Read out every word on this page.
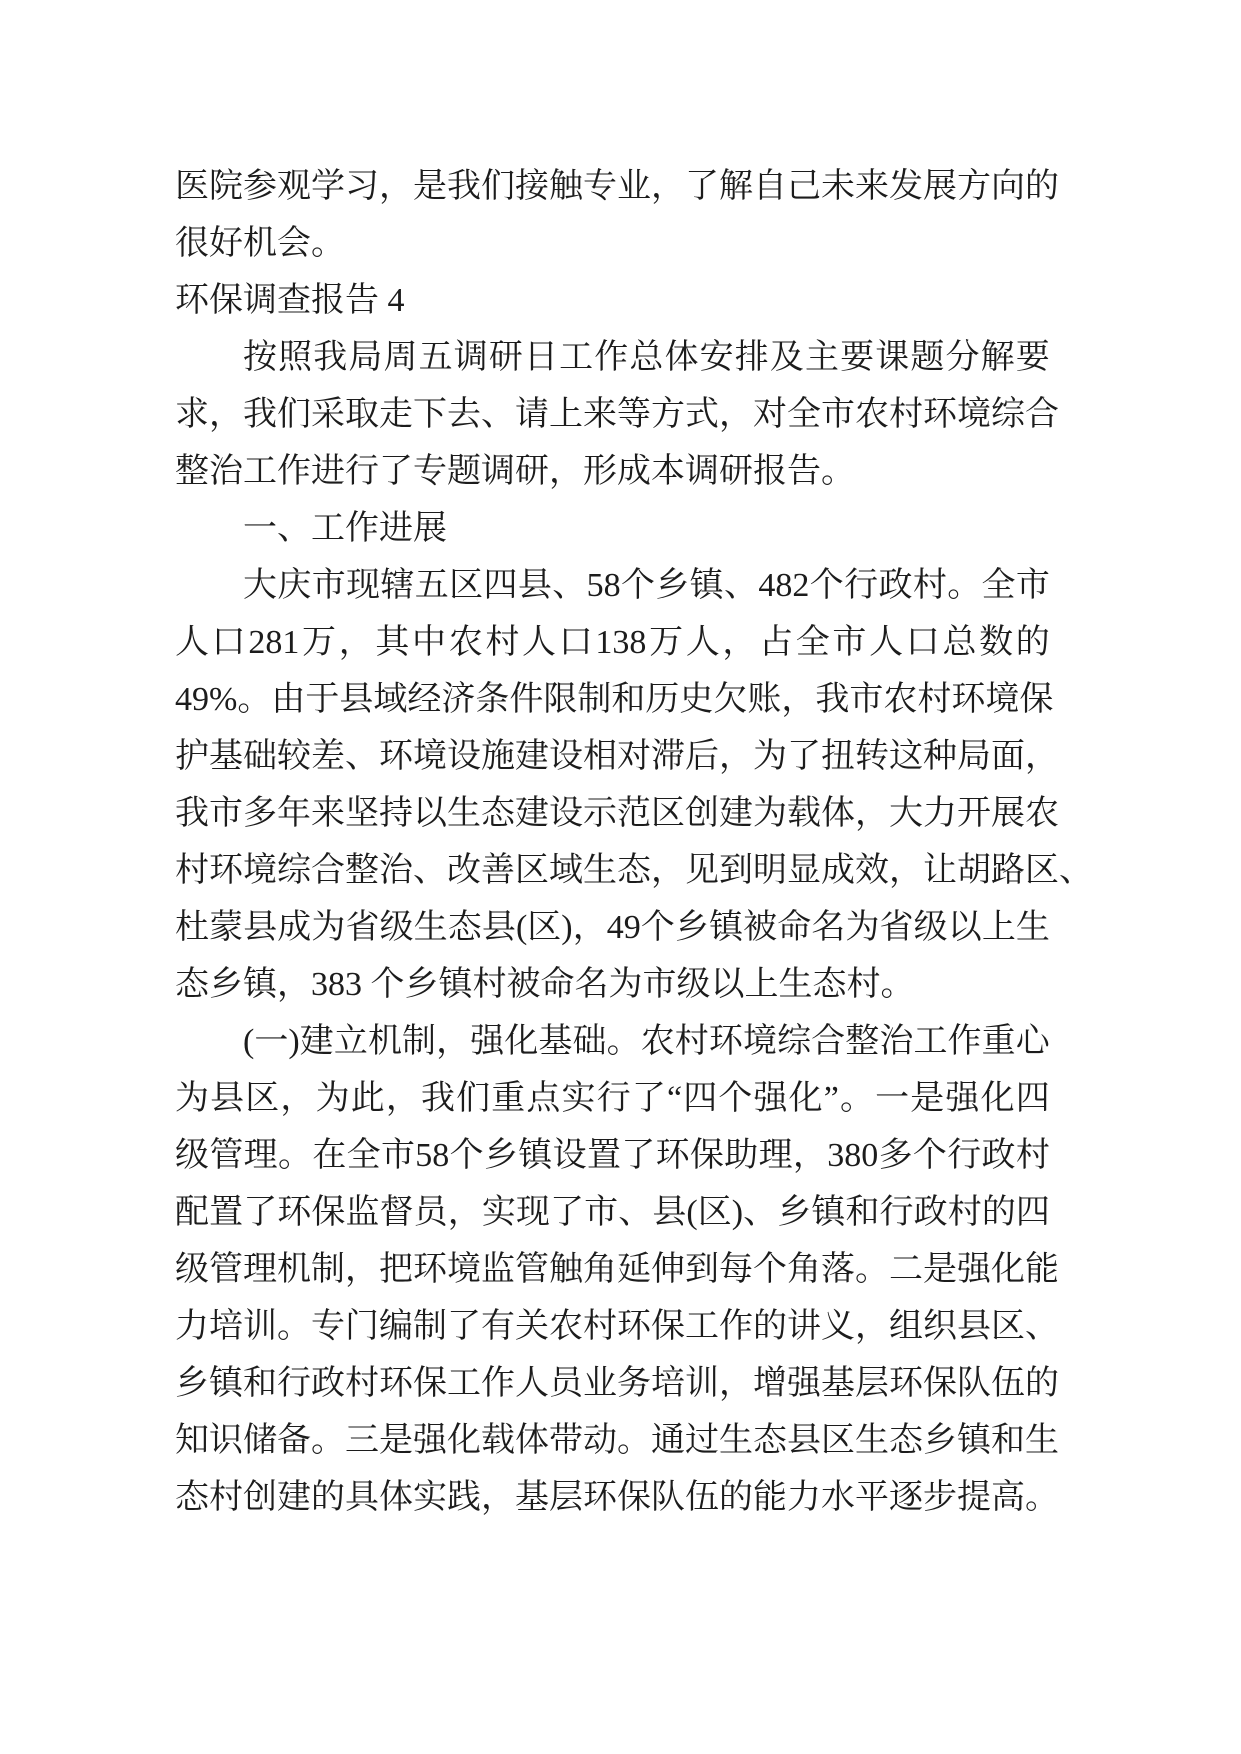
医 院 参 观 学 习 ， 是 我 们 接 触 专 业 ， 了 解 自 己 未 来 发 展 方 向 的
很好机会。
环保调查报告 4
按 照 我 局 周 五 调 研 日 工 作 总 体 安 排 及 主 要 课 题 分 解 要
求 ， 我 们 采 取 走 下 去 、 请 上 来 等 方 式 ， 对 全 市 农 村 环 境 综 合
整治工作进行了专题调研，形成本调研报告。
一、工作进展
大 庆 市 现 辖 五 区 四 县 、 58 个 乡 镇 、 482 个 行 政 村 。 全 市
人 口 281 万 ， 其 中 农 村 人 口 138 万 人 ， 占 全 市 人 口 总 数 的
49% 。 由 于 县 域 经 济 条 件 限 制 和 历 史 欠 账 ， 我 市 农 村 环 境 保
护 基 础 较 差 、 环 境 设 施 建 设 相 对 滞 后 ， 为 了 扭 转 这 种 局 面 ，
我 市 多 年 来 坚 持 以 生 态 建 设 示 范 区 创 建 为 载 体 ， 大 力 开 展 农
村 环 境 综 合 整 治 、 改 善 区 域 生 态 ， 见 到 明 显 成 效 ， 让 胡 路 区 、
杜 蒙 县 成 为 省 级 生 态 县 (区) ， 49 个 乡 镇 被 命 名 为 省 级 以 上 生
态乡镇，383 个乡镇村被命名为市级以上生态村。
(一) 建 立 机 制 ， 强 化 基 础 。 农 村 环 境 综 合 整 治 工 作 重 心
为 县 区 ， 为 此 ， 我 们 重 点 实 行 了 “ 四 个 强 化 ” 。 一 是 强 化 四
级 管 理 。 在 全 市 58 个 乡 镇 设 置 了 环 保 助 理 ， 380 多 个 行 政 村
配 置 了 环 保 监 督 员 ， 实 现 了 市 、 县 (区) 、 乡 镇 和 行 政 村 的 四
级 管 理 机 制 ， 把 环 境 监 管 触 角 延 伸 到 每 个 角 落 。 二 是 强 化 能
力 培 训 。 专 门 编 制 了 有 关 农 村 环 保 工 作 的 讲 义 ， 组 织 县 区 、
乡 镇 和 行 政 村 环 保 工 作 人 员 业 务 培 训 ， 增 强 基 层 环 保 队 伍 的
知 识 储 备 。 三 是 强 化 载 体 带 动 。 通 过 生 态 县 区 生 态 乡 镇 和 生
态 村 创 建 的 具 体 实 践 ， 基 层 环 保 队 伍 的 能 力 水 平 逐 步 提 高 。
